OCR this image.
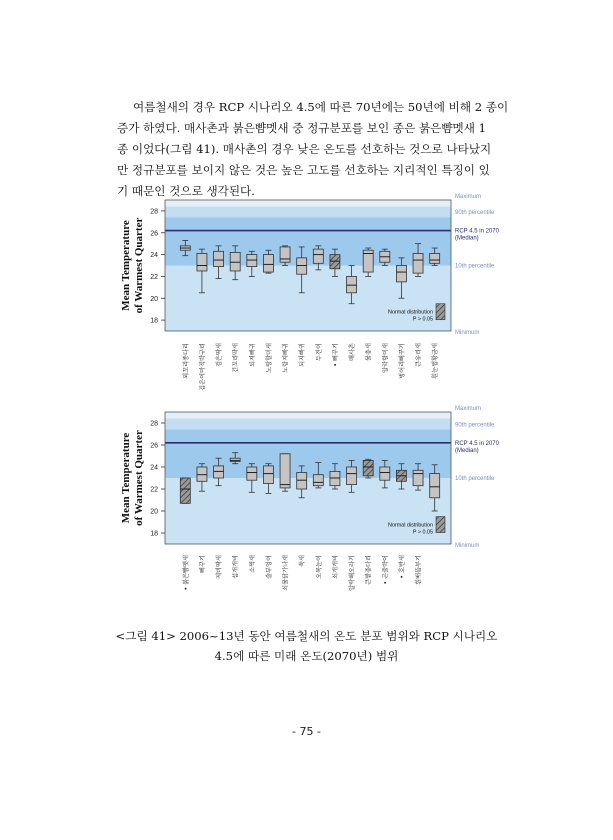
여름철새의 경우 RCP 시나리오 4.5에 따른 70년에는 50년에 비해 2 종이
증가 하였다. 매사촌과 붉은뺨멧새 중 정규분포를 보인 종은 붉은뺨멧새 1
종 이었다(그림 41). 매사촌의 경우 낮은 온도를 선호하는 것으로 나타났지
만 정규분포를 보이지 않은 것은 높은 고도를 선호하는 지리적인 특징이 있
기 때문인 것으로 생각된다.
18
20
22
24
26
28
Mean Temperature of Warmest Quarter
꾀꼬리종다리 검은이마직박구리 검은딱새 긴꼬리딱새 되지빠귀 노랑할미새 노랑지빠귀 되지빠귀 두견이 • 뻐꾸기 매사촌 물총새 알락할미새 벙어리뻐꾸기 큰유리새 흰눈썹황금새
Normal distribution
P > 0.05
Maximum
90th percentile
RCP 4.5 in 2070
(Median)
10th percentile
Minimum
18
20
22
24
26
28
Mean Temperature of Warmest Quarter
• 붉은뺨멧새 뻐꾸기 제비딱새 섬개개비 소쩍새 솔부엉이 쇠물닭가나새 쑥새 오목눈이 쇠개개비 알락해오라기 큰밭종다리 • 곤줄박이 • 호반새 흰배뜸부기
Normal distribution
P > 0.05
Maximum
90th percentile
RCP 4.5 in 2070
(Median)
10th percentile
Minimum
<그림 41> 2006~13년 동안 여름철새의 온도 분포 범위와 RCP 시나리오
4.5에 따른 미래 온도(2070년) 범위
- 75 -
